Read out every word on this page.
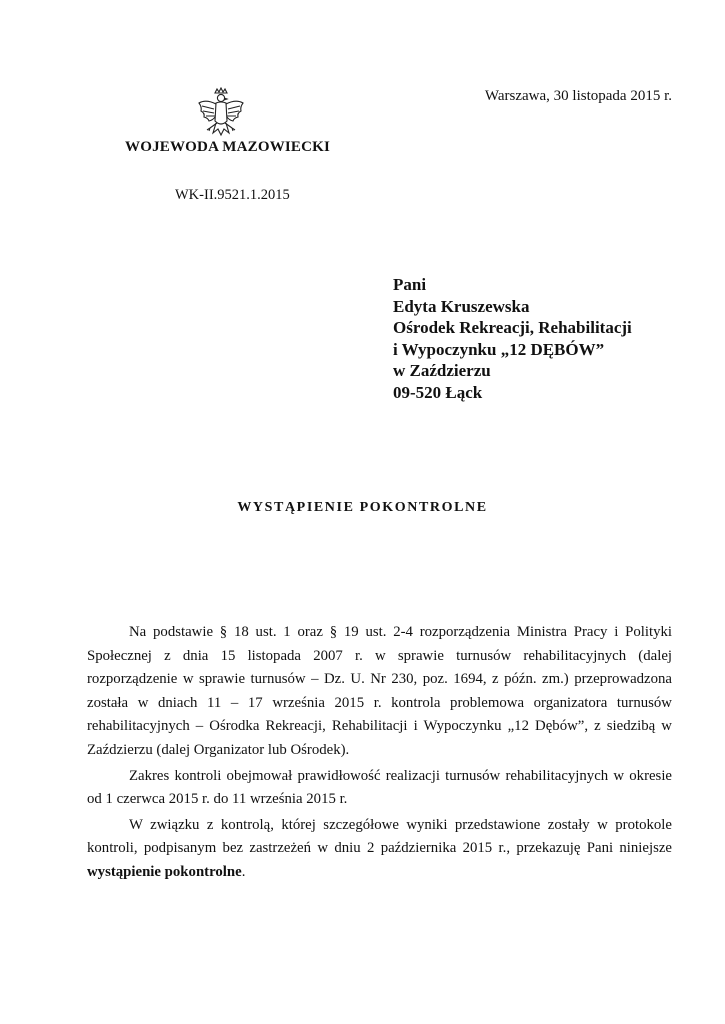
Warszawa, 30 listopada 2015 r.
WOJEWODA MAZOWIECKI
WK-II.9521.1.2015
Pani
Edyta Kruszewska
Ośrodek Rekreacji, Rehabilitacji
i Wypoczynku „12 DĘBÓW”
w Zaździerzu
09-520 Łąck
WYSTĄPIENIE POKONTROLNE

Na podstawie § 18 ust. 1 oraz § 19 ust. 2-4 rozporządzenia Ministra Pracy i Polityki Społecznej z dnia 15 listopada 2007 r. w sprawie turnusów rehabilitacyjnych (dalej rozporządzenie w sprawie turnusów – Dz. U. Nr 230, poz. 1694, z późn. zm.) przeprowadzona została w dniach 11 – 17 września 2015 r. kontrola problemowa organizatora turnusów rehabilitacyjnych – Ośrodka Rekreacji, Rehabilitacji i Wypoczynku „12 Dębów”, z siedzibą w Zaździerzu (dalej Organizator lub Ośrodek).

Zakres kontroli obejmował prawidłowość realizacji turnusów rehabilitacyjnych w okresie od 1 czerwca 2015 r. do 11 września 2015 r.

W związku z kontrolą, której szczegółowe wyniki przedstawione zostały w protokole kontroli, podpisanym bez zastrzeżeń w dniu 2 października 2015 r., przekazuję Pani niniejsze wystąpienie pokontrolne.
